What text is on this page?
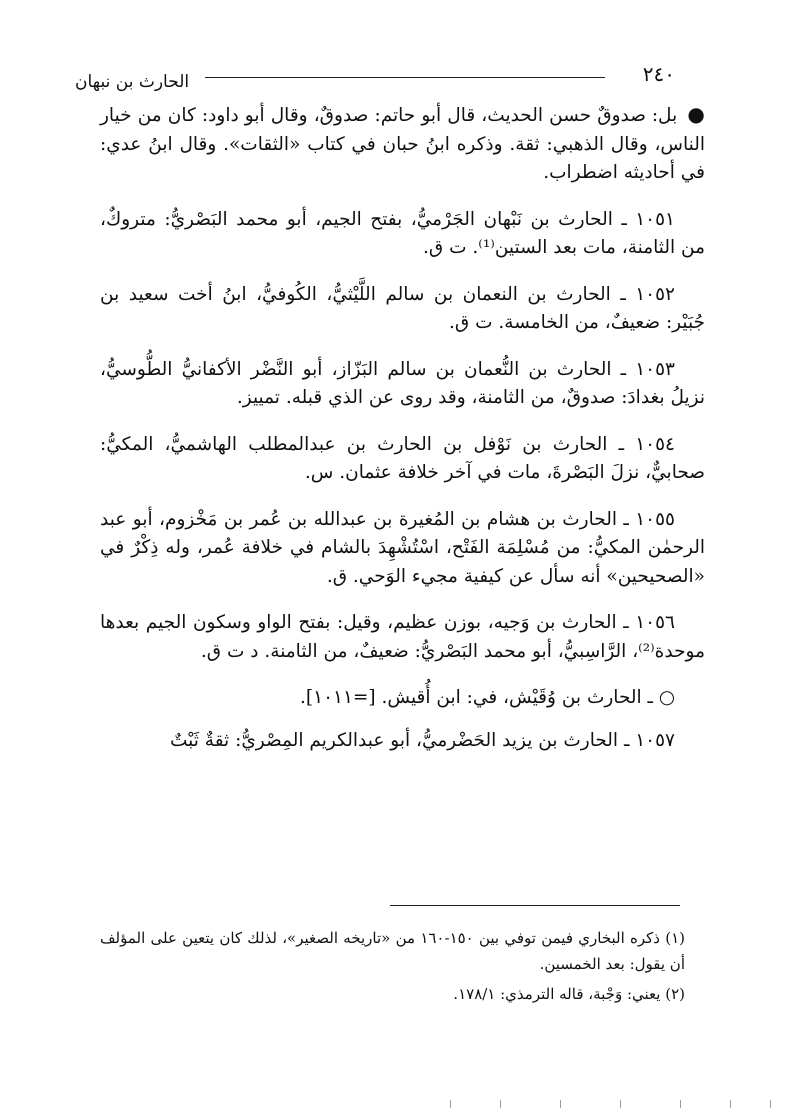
٢٤٠
الحارث بن نبهان

● بل: صدوقٌ حسن الحديث، قال أبو حاتم: صدوقٌ، وقال أبو داود: كان من خيار الناس، وقال الذهبي: ثقة. وذكره ابنُ حبان في كتاب «الثقات». وقال ابنُ عدي: في أحاديثه اضطراب.

١٠٥١ ـ الحارث بن نَبْهان الجَرْميُّ، بفتح الجيم، أبو محمد البَصْريُّ: متروكٌ، من الثامنة، مات بعد الستين⁽¹⁾. ت ق.

١٠٥٢ ـ الحارث بن النعمان بن سالم اللَّيْثيُّ، الكُوفيُّ، ابنُ أخت سعيد بن جُبَيْر: ضعيفٌ، من الخامسة. ت ق.

١٠٥٣ ـ الحارث بن النُّعمان بن سالم البَزّاز، أبو النَّضْر الأكفانيُّ الطُّوسيُّ، نزيلُ بغدادَ: صدوقٌ، من الثامنة، وقد روى عن الذي قبله. تمييز.

١٠٥٤ ـ الحارث بن نَوْفل بن الحارث بن عبدالمطلب الهاشميُّ، المكيُّ: صحابيٌّ، نزلَ البَصْرةَ، مات في آخر خلافة عثمان. س.

١٠٥٥ ـ الحارث بن هشام بن المُغيرة بن عبدالله بن عُمر بن مَخْزوم، أبو عبد الرحمٰن المكيُّ: من مُسْلِمَة الفَتْح، اسْتُشْهِدَ بالشام في خلافة عُمر، وله ذِكْرٌ في «الصحيحين» أنه سأل عن كيفية مجيء الوَحي. ق.

١٠٥٦ ـ الحارث بن وَجيه، بوزن عظيم، وقيل: بفتح الواو وسكون الجيم بعدها موحدة⁽²⁾، الرَّاسِبيُّ، أبو محمد البَصْريُّ: ضعيفٌ، من الثامنة. د ت ق.

○ ـ الحارث بن وُقَيْش، في: ابن أُقيش. [=١٠١١].

١٠٥٧ ـ الحارث بن يزيد الحَضْرميُّ، أبو عبدالكريم المِصْريُّ: ثقةٌ ثَبْتٌ

(١) ذكره البخاري فيمن توفي بين ١٥٠-١٦٠ من «تاريخه الصغير»، لذلك كان يتعين على المؤلف أن يقول: بعد الخمسين.

(٢) يعني: وَجْبة، قاله الترمذي: ١٧٨/١.
